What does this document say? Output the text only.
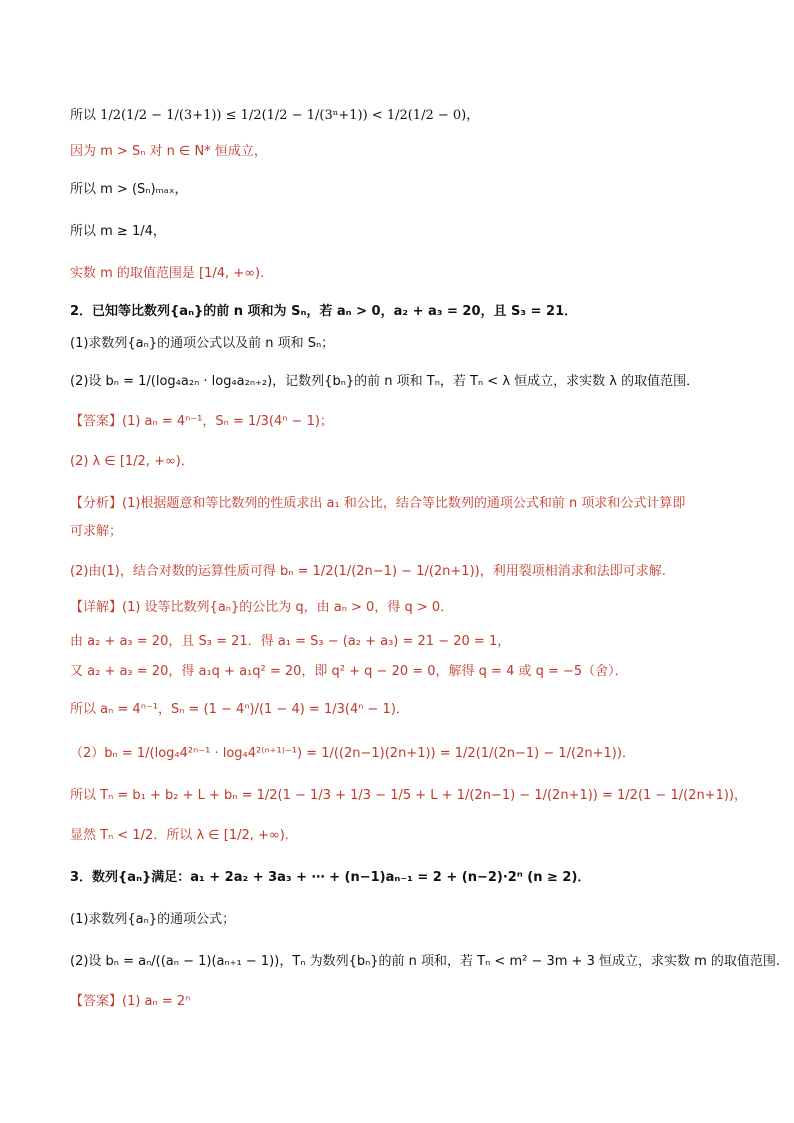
所以 1/2(1/2 − 1/(3+1)) ≤ 1/2(1/2 − 1/(3ⁿ+1)) < 1/2(1/2 − 0)，
因为 m > Sₙ 对 n ∈ N* 恒成立，
所以 m > (Sₙ)ₘₐₓ，
所以 m ≥ 1/4，
实数 m 的取值范围是 [1/4, +∞).
2．已知等比数列{aₙ}的前 n 项和为 Sₙ，若 aₙ > 0，a₂ + a₃ = 20，且 S₃ = 21．
(1)求数列{aₙ}的通项公式以及前 n 项和 Sₙ；
(2)设 bₙ = 1/(log₄a₂ₙ · log₄a₂ₙ₊₂)，记数列{bₙ}的前 n 项和 Tₙ，若 Tₙ < λ 恒成立，求实数 λ 的取值范围．
【答案】(1) aₙ = 4ⁿ⁻¹，Sₙ = 1/3(4ⁿ − 1)；
(2) λ ∈ [1/2, +∞)．
【分析】(1)根据题意和等比数列的性质求出 a₁ 和公比，结合等比数列的通项公式和前 n 项求和公式计算即
可求解；
(2)由(1)，结合对数的运算性质可得 bₙ = 1/2(1/(2n−1) − 1/(2n+1))，利用裂项相消求和法即可求解.
【详解】(1) 设等比数列{aₙ}的公比为 q，由 aₙ > 0，得 q > 0．
由 a₂ + a₃ = 20，且 S₃ = 21．得 a₁ = S₃ − (a₂ + a₃) = 21 − 20 = 1，
又 a₂ + a₃ = 20，得 a₁q + a₁q² = 20，即 q² + q − 20 = 0，解得 q = 4 或 q = −5（舍）．
所以 aₙ = 4ⁿ⁻¹，Sₙ = (1 − 4ⁿ)/(1 − 4) = 1/3(4ⁿ − 1)．
（2）bₙ = 1/(log₄4²ⁿ⁻¹ · log₄4²⁽ⁿ⁺¹⁾⁻¹) = 1/((2n−1)(2n+1)) = 1/2(1/(2n−1) − 1/(2n+1))．
所以 Tₙ = b₁ + b₂ + L + bₙ = 1/2(1 − 1/3 + 1/3 − 1/5 + L + 1/(2n−1) − 1/(2n+1)) = 1/2(1 − 1/(2n+1))，
显然 Tₙ < 1/2．所以 λ ∈ [1/2, +∞)．
3．数列{aₙ}满足：a₁ + 2a₂ + 3a₃ + ⋯ + (n−1)aₙ₋₁ = 2 + (n−2)·2ⁿ (n ≥ 2)．
(1)求数列{aₙ}的通项公式；
(2)设 bₙ = aₙ/((aₙ − 1)(aₙ₊₁ − 1))，Tₙ 为数列{bₙ}的前 n 项和，若 Tₙ < m² − 3m + 3 恒成立，求实数 m 的取值范围.
【答案】(1) aₙ = 2ⁿ
